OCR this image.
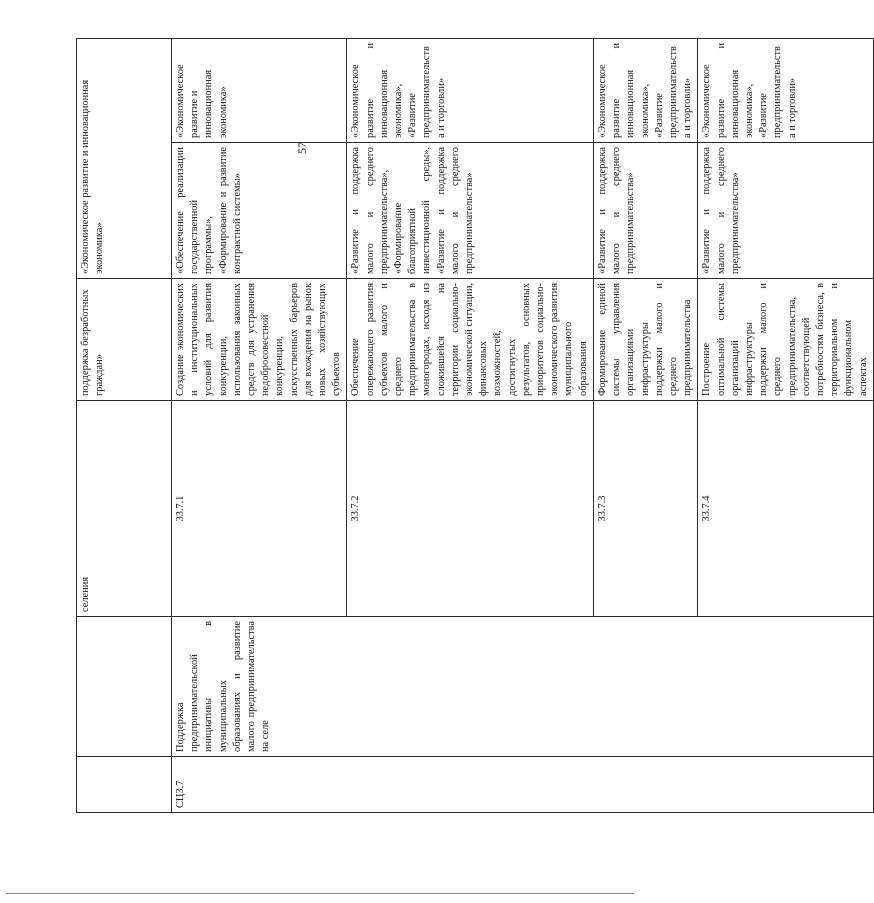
57
		селения	поддержка безработных граждан»	«Экономическое развитие и инновационная экономика»	
СЦ3.7	Поддержка предпринимательской инициативы в муниципальных образованиях и развитие малого предпринимательства на селе	33.7.1	Создание экономических и институциональных условий для развития конкуренции, использования законных средств для устранения недобросовестной конкуренции, искусственных барьеров для вхождения на рынок новых хозяйствующих субъектов	«Обеспечение реализации государственной программы», «Формирование и развитие контрактной системы»	«Экономическое развитие и инновационная экономика»
		33.7.2	Обеспечение опережающего развития субъектов малого и среднего предпринимательства в моногородах, исходя из сложившейся на территории социально-экономической ситуации, финансовых возможностей, достигнутых результатов, основных приоритетов социально-экономического развития муниципального образования	«Развитие и поддержка малого и среднего предпринимательства», «Формирование благоприятной инвестиционной среды», «Развитие и поддержка малого и среднего предпринимательства»	«Экономическое развитие и инновационная экономика», «Развитие предпринимательства и торговли»
		33.7.3	Формирование единой системы управления организациями инфраструктуры поддержки малого и среднего предпринимательства	«Развитие и поддержка малого и среднего предпринимательства»	«Экономическое развитие и инновационная экономика», «Развитие предпринимательства и торговли»
		33.7.4	Построение оптимальной системы организаций инфраструктуры поддержки малого и среднего предпринимательства, соответствующей потребностям бизнеса, в территориальном и функциональном аспектах	«Развитие и поддержка малого и среднего предпринимательства»	«Экономическое развитие и инновационная экономика», «Развитие предпринимательства и торговли»
